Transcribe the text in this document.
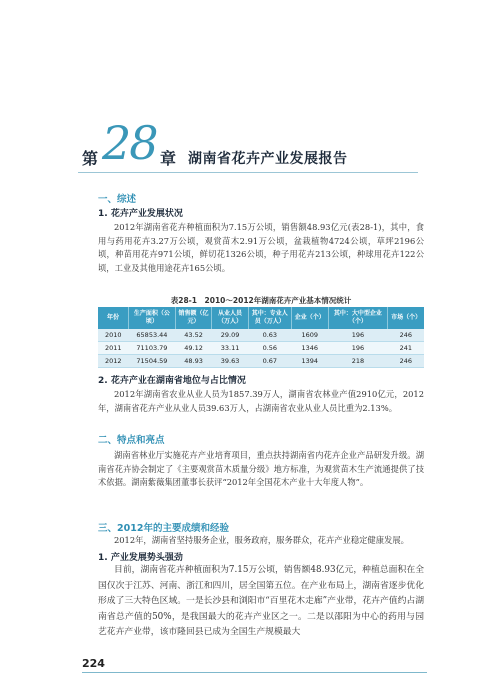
第 28 章 湖南省花卉产业发展报告
一、综述
1. 花卉产业发展状况

2012年湖南省花卉种植面积为7.15万公顷，销售额48.93亿元(表28-1)，其中，食用与药用花卉3.27万公顷，观赏苗木2.91万公顷，盆栽植物4724公顷，草坪2196公顷，种苗用花卉971公顷，鲜切花1326公顷，种子用花卉213公顷，种球用花卉122公顷，工业及其他用途花卉165公顷。

表28-1　2010～2012年湖南花卉产业基本情况统计
年份	生产面积（公顷）	销售额（亿元）	从业人员（万人）	其中：专业人员（万人）	企业（个）	其中：大中型企业（个）	市场（个）
2010	65853.44	43.52	29.09	0.63	1609	196	246
2011	71103.79	49.12	33.11	0.56	1346	196	241
2012	71504.59	48.93	39.63	0.67	1394	218	246
2. 花卉产业在湖南省地位与占比情况

2012年湖南省农业从业人员为1857.39万人，湖南省农林业产值2910亿元，2012年，湖南省花卉产业从业人员39.63万人，占湖南省农业从业人员比重为2.13%。

二、特点和亮点

湖南省林业厅实施花卉产业培育项目，重点扶持湖南省内花卉企业产品研发升级。湖南省花卉协会制定了《主要观赏苗木质量分级》地方标准，为观赏苗木生产流通提供了技术依据。湖南紫薇集团董事长获评“2012年全国花木产业十大年度人物”。

三、2012年的主要成绩和经验

2012年，湖南省坚持服务企业，服务政府，服务群众，花卉产业稳定健康发展。

1. 产业发展势头强劲

目前，湖南省花卉种植面积为7.15万公顷，销售额48.93亿元，种植总面积在全国仅次于江苏、河南、浙江和四川，居全国第五位。在产业布局上，湖南省逐步优化形成了三大特色区域。一是长沙县和浏阳市“百里花木走廊”产业带，花卉产值约占湖南省总产值的50%，是我国最大的花卉产业区之一。二是以邵阳为中心的药用与园艺花卉产业带，该市隆回县已成为全国生产规模最大

224
